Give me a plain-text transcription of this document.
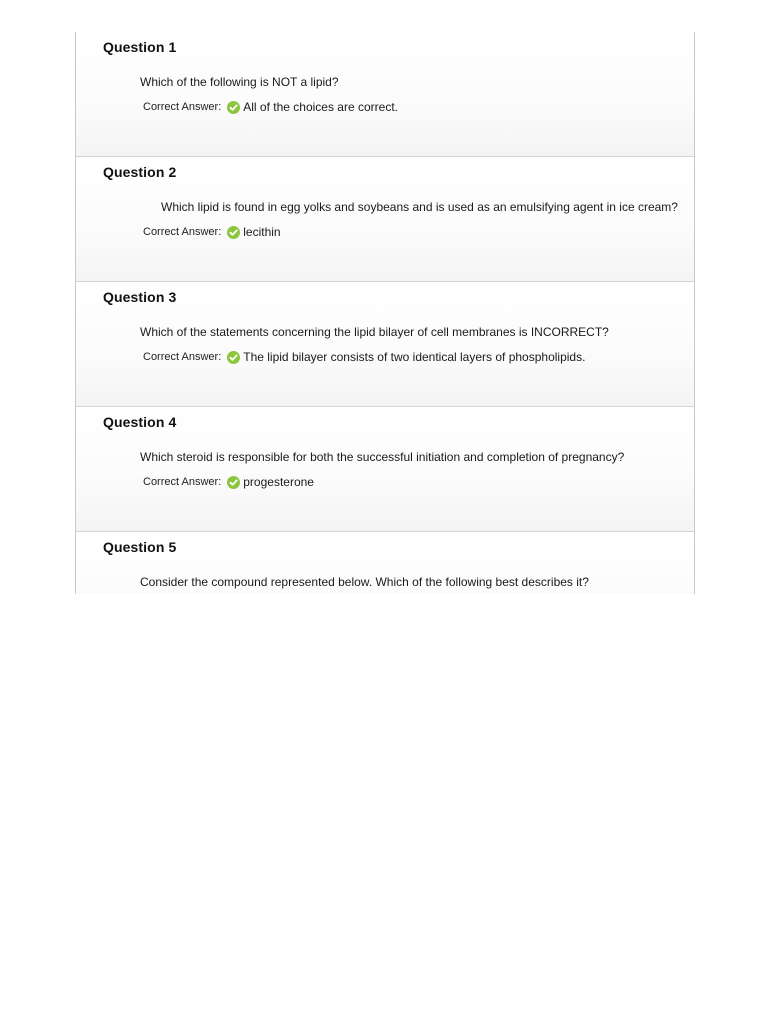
Question 1
Which of the following is NOT a lipid?
Correct Answer: All of the choices are correct.
Question 2
Which lipid is found in egg yolks and soybeans and is used as an emulsifying agent in ice cream?
Correct Answer: lecithin
Question 3
Which of the statements concerning the lipid bilayer of cell membranes is INCORRECT?
Correct Answer: The lipid bilayer consists of two identical layers of phospholipids.
Question 4
Which steroid is responsible for both the successful initiation and completion of pregnancy?
Correct Answer: progesterone
Question 5
Consider the compound represented below. Which of the following best describes it?
